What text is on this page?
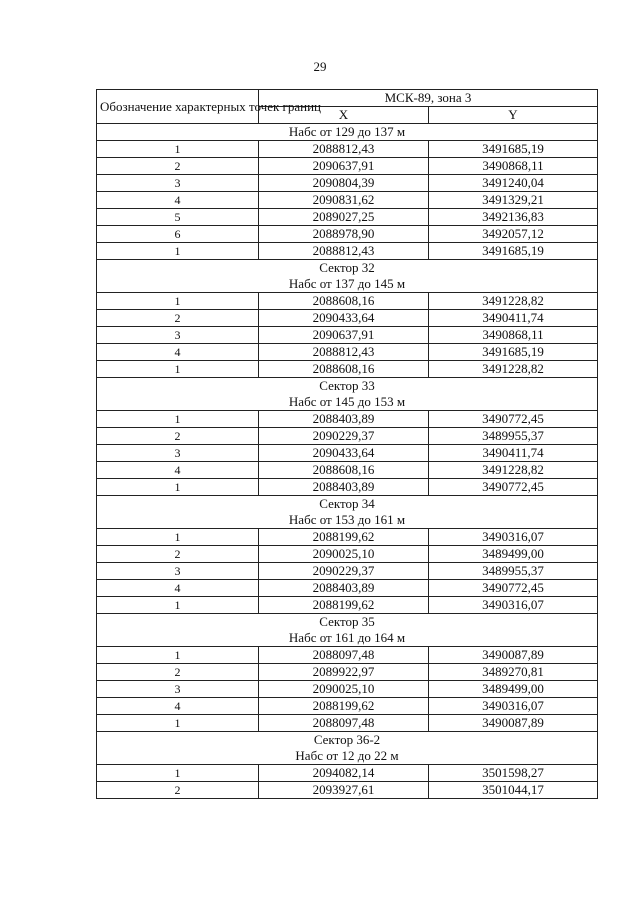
29
Обозначение характерных точек границ	МСК-89, зона 3	
	X	Y

Набс от 129 до 137 м		

1	2088812,43	3491685,19
2	2090637,91	3490868,11
3	2090804,39	3491240,04
4	2090831,62	3491329,21
5	2089027,25	3492136,83
6	2088978,90	3492057,12
1	2088812,43	3491685,19

Сектор 32
Набс от 137 до 145 м		

1	2088608,16	3491228,82
2	2090433,64	3490411,74
3	2090637,91	3490868,11
4	2088812,43	3491685,19
1	2088608,16	3491228,82

Сектор 33
Набс от 145 до 153 м		

1	2088403,89	3490772,45
2	2090229,37	3489955,37
3	2090433,64	3490411,74
4	2088608,16	3491228,82
1	2088403,89	3490772,45

Сектор 34
Набс от 153 до 161 м		

1	2088199,62	3490316,07
2	2090025,10	3489499,00
3	2090229,37	3489955,37
4	2088403,89	3490772,45
1	2088199,62	3490316,07

Сектор 35
Набс от 161 до 164 м		

1	2088097,48	3490087,89
2	2089922,97	3489270,81
3	2090025,10	3489499,00
4	2088199,62	3490316,07
1	2088097,48	3490087,89

Сектор 36-2
Набс от 12 до 22 м		

1	2094082,14	3501598,27
2	2093927,61	3501044,17
